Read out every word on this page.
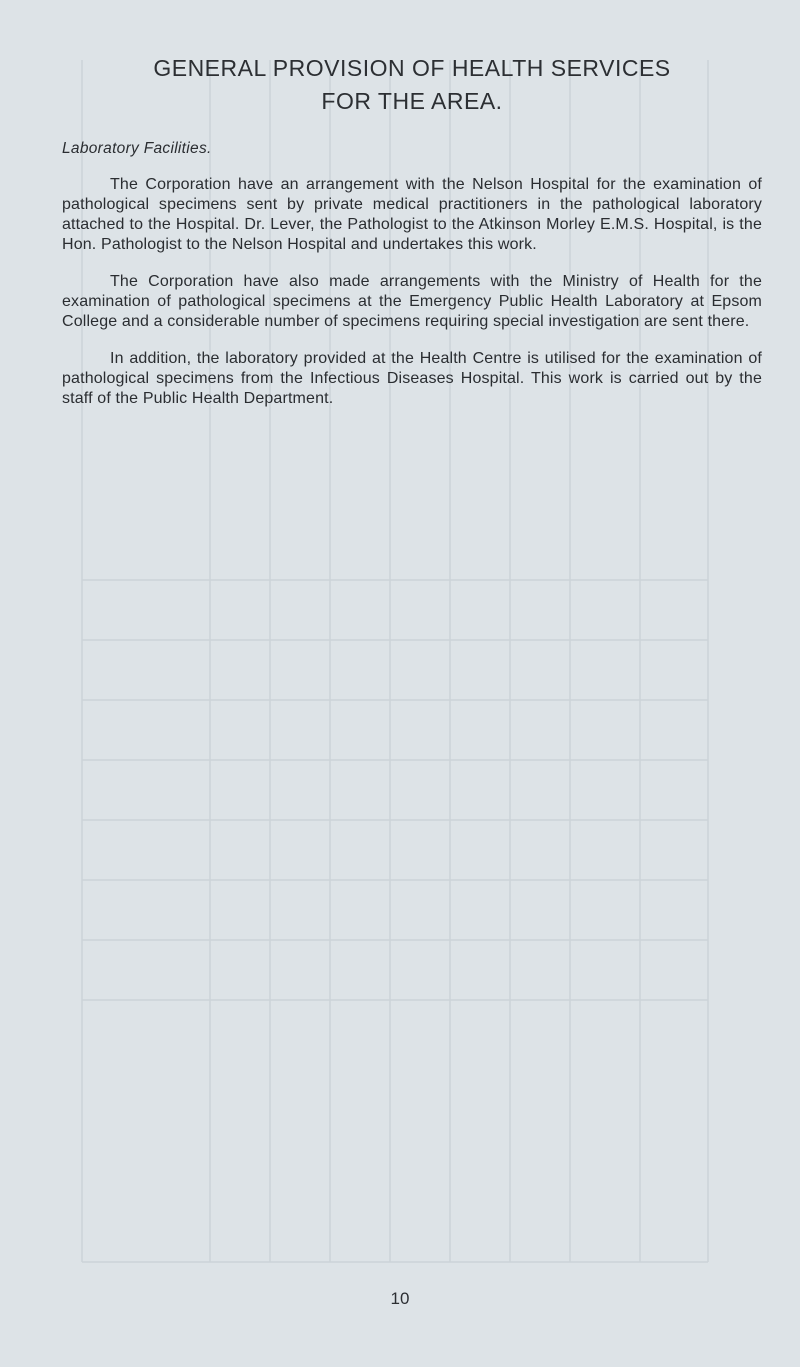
GENERAL PROVISION OF HEALTH SERVICES
FOR THE AREA.

Laboratory Facilities.

The Corporation have an arrangement with the Nelson Hospital for the examination of pathological specimens sent by private medical practitioners in the pathological laboratory attached to the Hospital. Dr. Lever, the Pathologist to the Atkinson Morley E.M.S. Hospital, is the Hon. Pathologist to the Nelson Hospital and undertakes this work.

The Corporation have also made arrangements with the Ministry of Health for the examination of pathological specimens at the Emergency Public Health Laboratory at Epsom College and a considerable number of specimens requiring special investigation are sent there.

In addition, the laboratory provided at the Health Centre is utilised for the examination of pathological specimens from the Infectious Diseases Hospital. This work is carried out by the staff of the Public Health Department.

10
